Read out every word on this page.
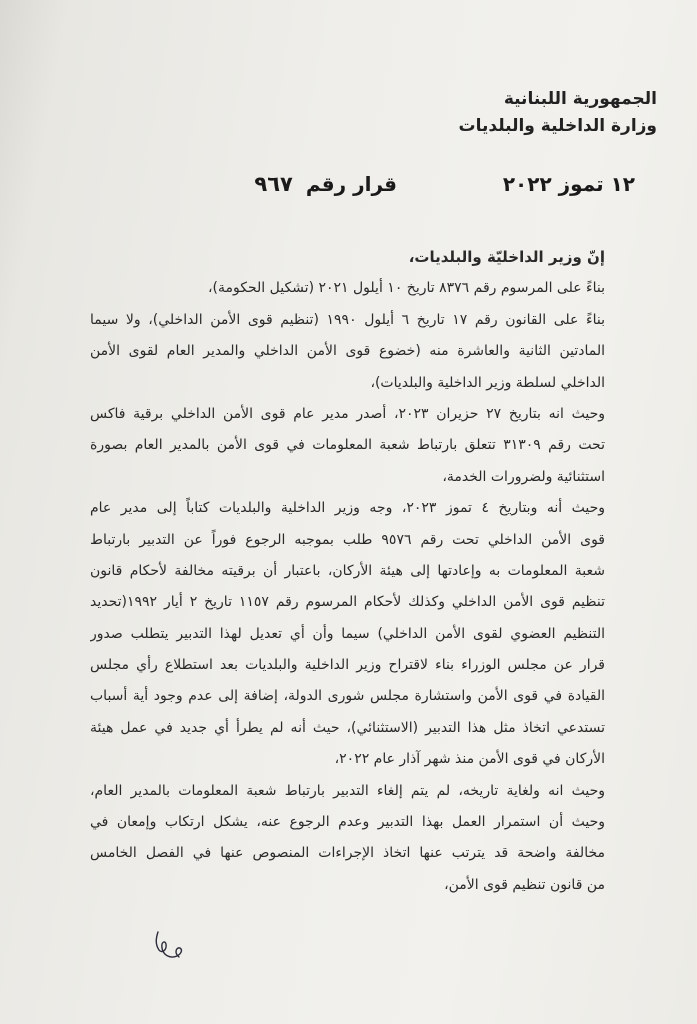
الجمهورية اللبنانية
وزارة الداخلية والبلديات
١٢ تموز ٢٠٢٢
قرار رقم ٩٦٧
إنّ وزير الداخليّة والبلديات،
بناءً على المرسوم رقم ٨٣٧٦ تاريخ ١٠ أيلول ٢٠٢١ (تشكيل الحكومة)،
بناءً على القانون رقم ١٧ تاريخ ٦ أيلول ١٩٩٠ (تنظيم قوى الأمن الداخلي)، ولا سيما
المادتين الثانية والعاشرة منه (خضوع قوى الأمن الداخلي والمدير العام لقوى الأمن
الداخلي لسلطة وزير الداخلية والبلديات)،
وحيث انه بتاريخ ٢٧ حزيران ٢٠٢٣، أصدر مدير عام قوى الأمن الداخلي برقية فاكس
تحت رقم ٣١٣٠٩ تتعلق بارتباط شعبة المعلومات في قوى الأمن بالمدير العام بصورة
استثنائية ولضرورات الخدمة،
وحيث أنه وبتاريخ ٤ تموز ٢٠٢٣، وجه وزير الداخلية والبلديات كتاباً إلى مدير عام
قوى الأمن الداخلي تحت رقم ٩٥٧٦ طلب بموجبه الرجوع فوراً عن التدبير بارتباط
شعبة المعلومات به وإعادتها إلى هيئة الأركان، باعتبار أن برقيته مخالفة لأحكام قانون
تنظيم قوى الأمن الداخلي وكذلك لأحكام المرسوم رقم ١١٥٧ تاريخ ٢ أيار ١٩٩٢(تحديد
التنظيم العضوي لقوى الأمن الداخلي) سيما وأن أي تعديل لهذا التدبير يتطلب صدور
قرار عن مجلس الوزراء بناء لاقتراح وزير الداخلية والبلديات بعد استطلاع رأي مجلس
القيادة في قوى الأمن واستشارة مجلس شورى الدولة، إضافة إلى عدم وجود أية أسباب
تستدعي اتخاذ مثل هذا التدبير (الاستثنائي)، حيث أنه لم يطرأ أي جديد في عمل هيئة
الأركان في قوى الأمن منذ شهر آذار عام ٢٠٢٢،
وحيث انه ولغاية تاريخه، لم يتم إلغاء التدبير بارتباط شعبة المعلومات بالمدير العام،
وحيث أن استمرار العمل بهذا التدبير وعدم الرجوع عنه، يشكل ارتكاب وإمعان في
مخالفة واضحة قد يترتب عنها اتخاذ الإجراءات المنصوص عنها في الفصل الخامس
من قانون تنظيم قوى الأمن،
